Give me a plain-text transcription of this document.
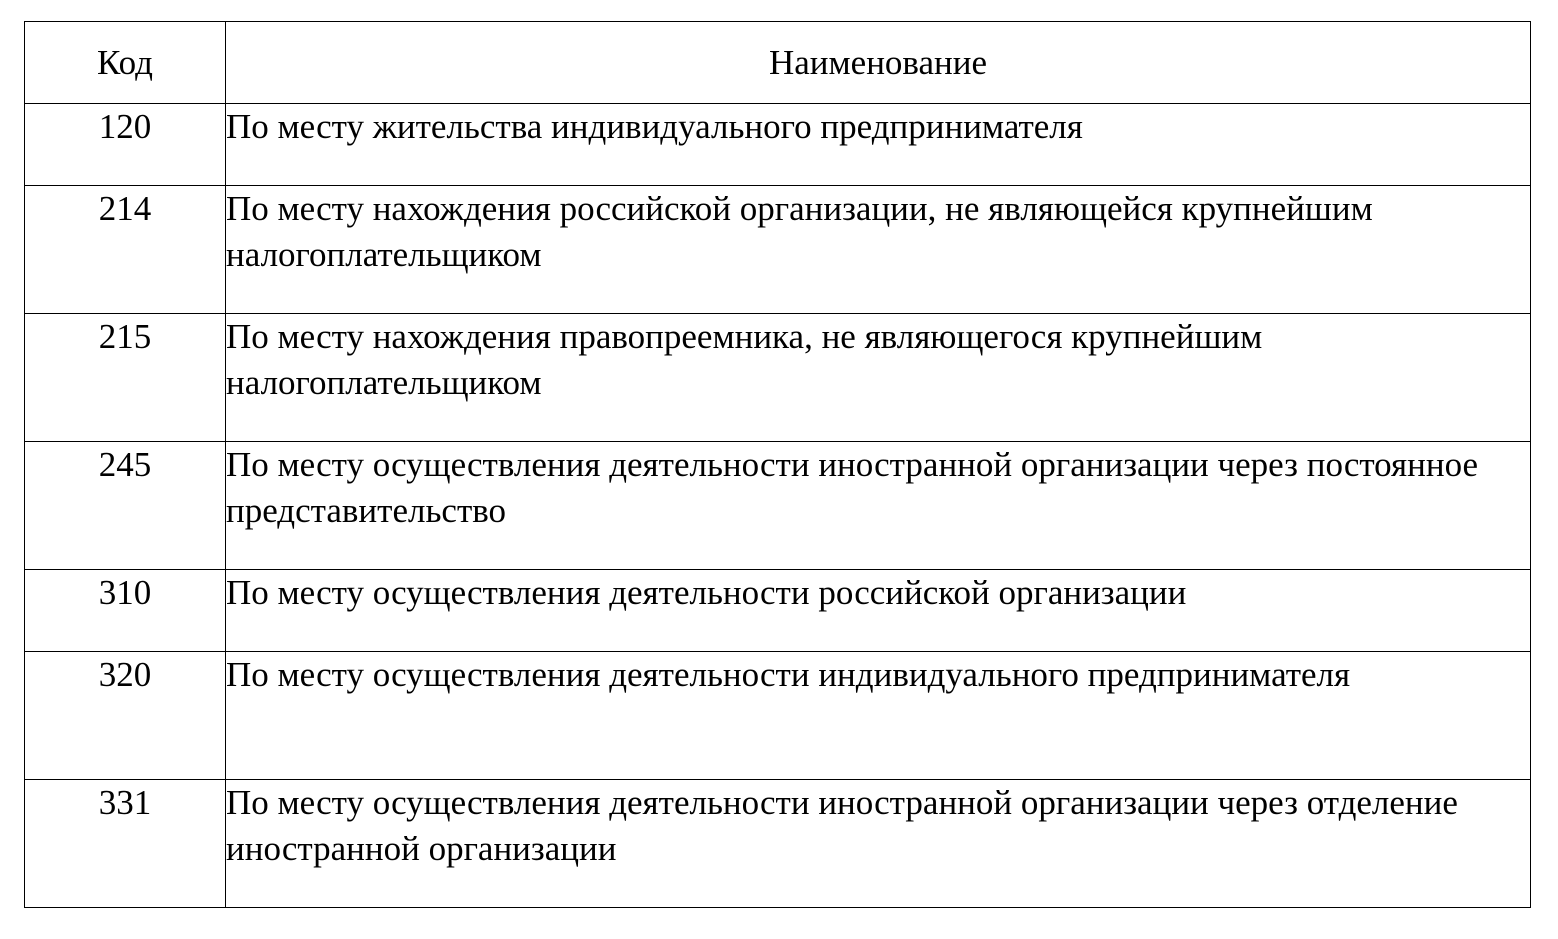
Код	Наименование
120	По месту жительства индивидуального предпринимателя
214	По месту нахождения российской организации, не являющейся крупнейшим налогоплательщиком
215	По месту нахождения правопреемника, не являющегося крупнейшим налогоплательщиком
245	По месту осуществления деятельности иностранной организации через постоянное представительство
310	По месту осуществления деятельности российской организации
320	По месту осуществления деятельности индивидуального предпринимателя
331	По месту осуществления деятельности иностранной организации через отделение иностранной организации
